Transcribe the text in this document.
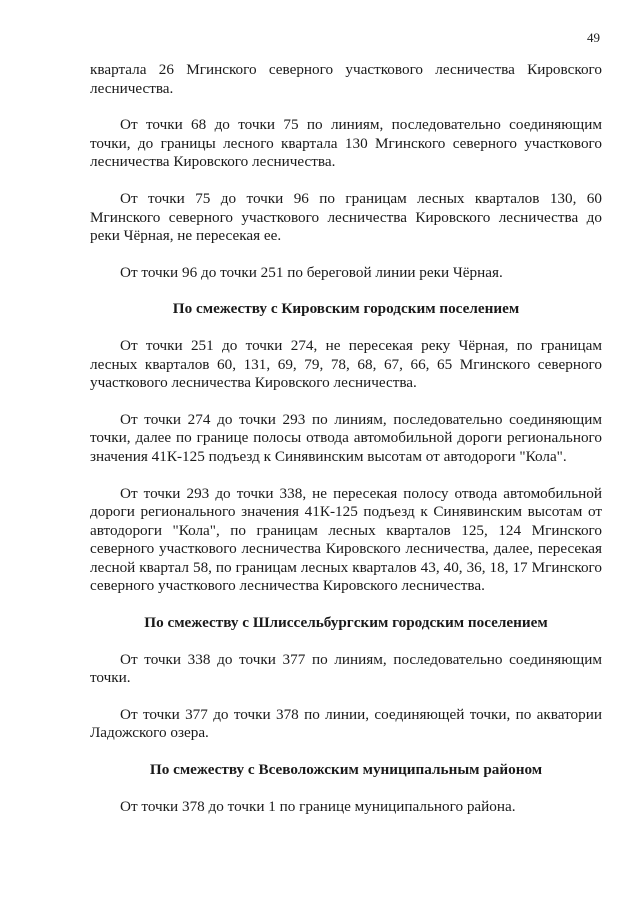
49

квартала 26 Мгинского северного участкового лесничества Кировского лесничества.

От точки 68 до точки 75 по линиям, последовательно соединяющим точки, до границы лесного квартала 130 Мгинского северного участкового лесничества Кировского лесничества.

От точки 75 до точки 96 по границам лесных кварталов 130, 60 Мгинского северного участкового лесничества Кировского лесничества до реки Чёрная, не пересекая ее.

От точки 96 до точки 251 по береговой линии реки Чёрная.

По смежеству с Кировским городским поселением

От точки 251 до точки 274, не пересекая реку Чёрная, по границам лесных кварталов 60, 131, 69, 79, 78, 68, 67, 66, 65 Мгинского северного участкового лесничества Кировского лесничества.

От точки 274 до точки 293 по линиям, последовательно соединяющим точки, далее по границе полосы отвода автомобильной дороги регионального значения 41К-125 подъезд к Синявинским высотам от автодороги "Кола".

От точки 293 до точки 338, не пересекая полосу отвода автомобильной дороги регионального значения 41К-125 подъезд к Синявинским высотам от автодороги "Кола", по границам лесных кварталов 125, 124 Мгинского северного участкового лесничества Кировского лесничества, далее, пересекая лесной квартал 58, по границам лесных кварталов 43, 40, 36, 18, 17 Мгинского северного участкового лесничества Кировского лесничества.

По смежеству с Шлиссельбургским городским поселением

От точки 338 до точки 377 по линиям, последовательно соединяющим точки.

От точки 377 до точки 378 по линии, соединяющей точки, по акватории Ладожского озера.

По смежеству с Всеволожским муниципальным районом

От точки 378 до точки 1 по границе муниципального района.
